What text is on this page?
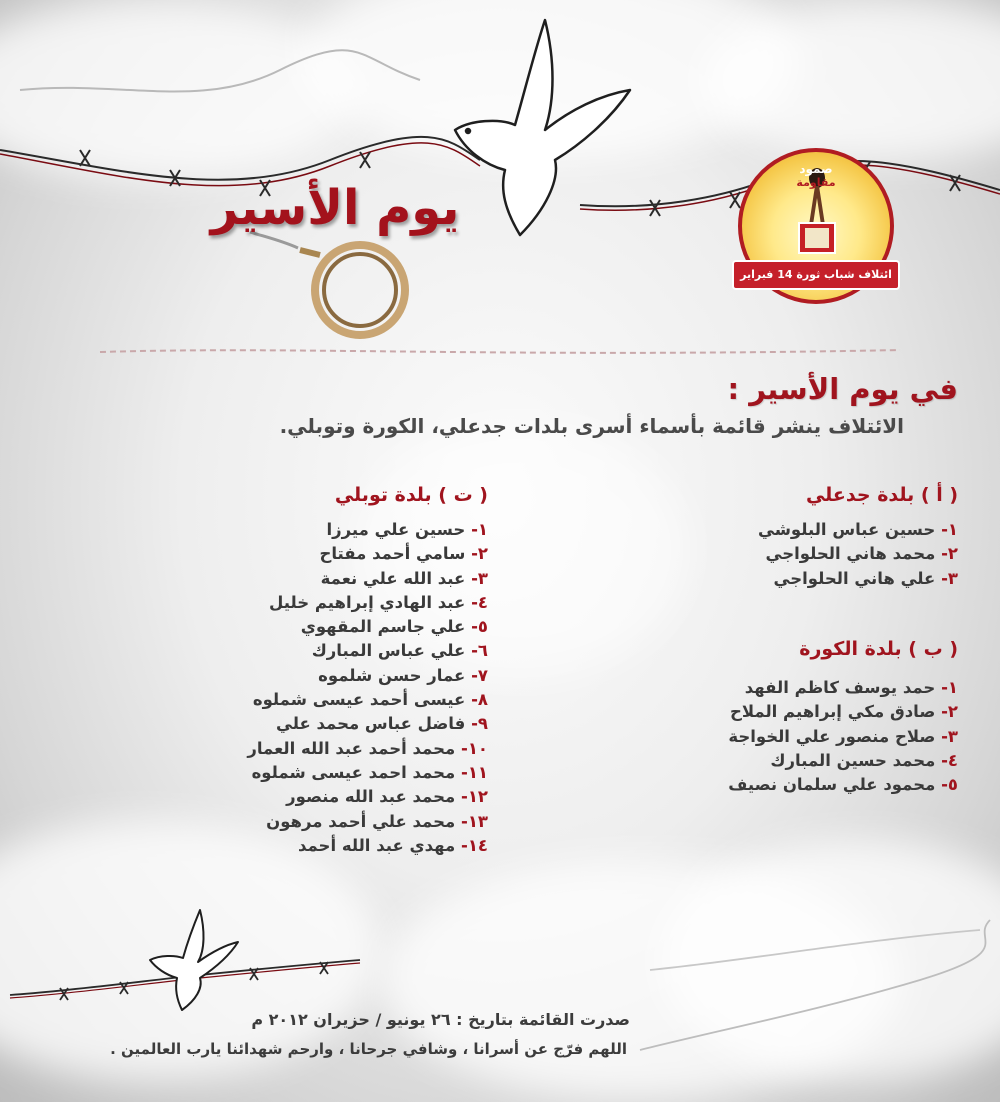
يوم الأسير
صمود
مقاومة
ائتلاف شباب ثورة 14 فبراير
في يوم الأسير :
الائتلاف ينشر قائمة بأسماء أسرى بلدات جدعلي، الكورة وتوبلي.
( أ ) بلدة جدعلي
١- حسين عباس البلوشي
٢- محمد هاني الحلواجي
٣- علي هاني الحلواجي
( ب ) بلدة الكورة
١- حمد يوسف كاظم الفهد
٢- صادق مكي إبراهيم الملاح
٣- صلاح منصور علي الخواجة
٤- محمد حسين المبارك
٥- محمود علي سلمان نصيف
( ت ) بلدة توبلي
١- حسين علي ميرزا
٢- سامي أحمد مفتاح
٣- عبد الله علي نعمة
٤- عبد الهادي إبراهيم خليل
٥- علي جاسم المقهوي
٦- علي عباس المبارك
٧- عمار حسن شلموه
٨- عيسى أحمد عيسى شملوه
٩- فاضل عباس محمد علي
١٠- محمد أحمد عبد الله العمار
١١- محمد احمد عيسى شملوه
١٢- محمد عبد الله منصور
١٣- محمد علي أحمد مرهون
١٤- مهدي عبد الله أحمد
صدرت القائمة بتاريخ : ٢٦ يونيو / حزيران ٢٠١٢ م
اللهم فرّج عن أسرانا ، وشافي جرحانا ، وارحم شهدائنا يارب العالمين .
